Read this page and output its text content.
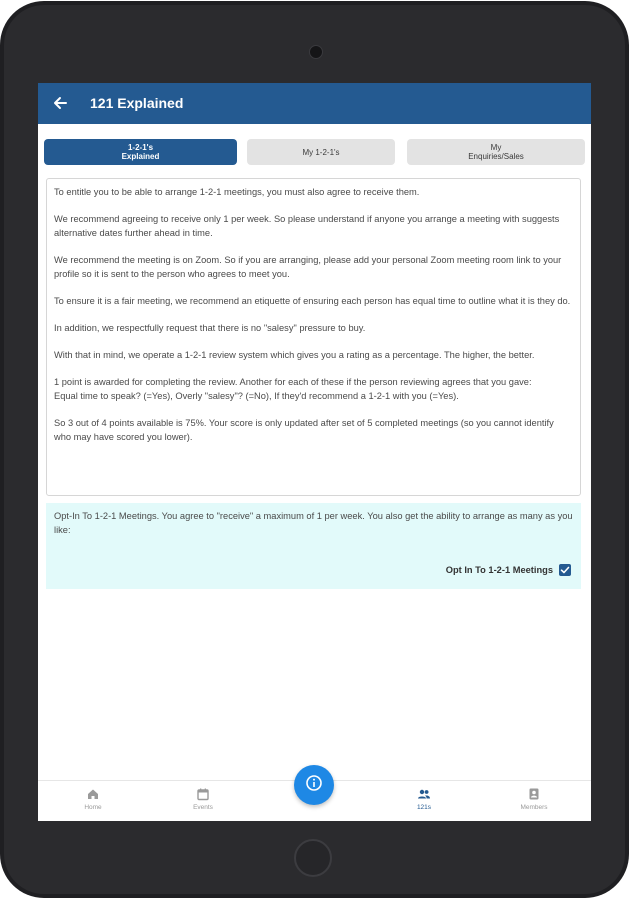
121 Explained
1-2-1's
Explained	My 1-2-1's	My
Enquiries/Sales

To entitle you to be able to arrange 1-2-1 meetings, you must also agree to receive them.

We recommend agreeing to receive only 1 per week. So please understand if anyone you arrange a meeting with suggests alternative dates further ahead in time.

We recommend the meeting is on Zoom. So if you are arranging, please add your personal Zoom meeting room link to your profile so it is sent to the person who agrees to meet you.

To ensure it is a fair meeting, we recommend an etiquette of ensuring each person has equal time to outline what it is they do.

In addition, we respectfully request that there is no "salesy" pressure to buy.

With that in mind, we operate a 1-2-1 review system which gives you a rating as a percentage. The higher, the better.

1 point is awarded for completing the review. Another for each of these if the person reviewing agrees that you gave:

Equal time to speak? (=Yes), Overly "salesy"? (=No), If they'd recommend a 1-2-1 with you (=Yes).

So 3 out of 4 points available is 75%. Your score is only updated after set of 5 completed meetings (so you cannot identify who may have scored you lower).

Opt-In To 1-2-1 Meetings. You agree to "receive" a maximum of 1 per week. You also get the ability to arrange as many as you like:
Opt In To 1-2-1 Meetings
Home	Events	121s	Members
